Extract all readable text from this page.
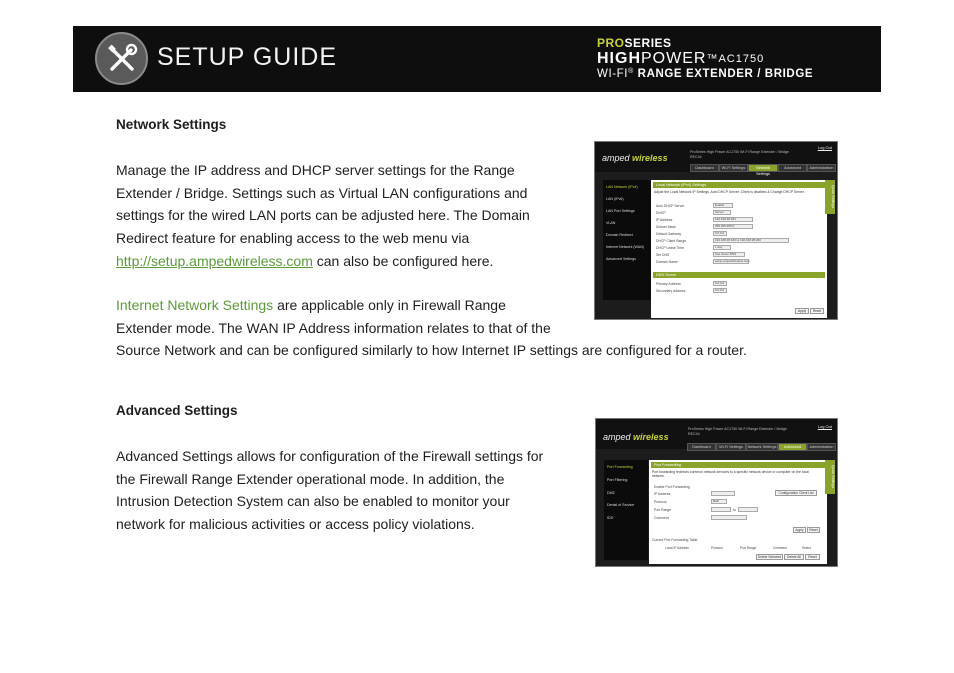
SETUP GUIDE	PROSERIES
$HIGHPOWER^{™AC1750}$
WI-FI® RANGE EXTENDER / BRIDGE
Network Settings
Manage the IP address and DHCP server settings for the Range
Extender / Bridge. Settings such as Virtual LAN configurations and
settings for the wired LAN ports can be adjusted here. The Domain
Redirect feature for enabling access to the web menu via
http://setup.ampedwireless.com can also be configured here.
Internet Network Settings are applicable only in Firewall Range
Extender mode. The WAN IP Address information relates to that of the
Source Network and can be configured similarly to how Internet IP settings are configured for a router.
Advanced Settings
Advanced Settings allows for configuration of the Firewall settings for
the Firewall Range Extender operational mode. In addition, the
Intrusion Detection System can also be enabled to monitor your
network for malicious activities or access policy violations.
amped wireless
ProSeries High Power AC1750 Wi-Fi Range Extender / Bridge
REC44
Log Out
Dashboard	Wi-Fi Settings	Network Settings
Advanced	Administration
LAN Network (IPv4)
LAN (IPv6)
LAN Port Settings
VLAN
Domain Redirect
Internet Network (WAN)
Advanced Settings
Local Network (IPv4) Settings
Adjust the Local Network IP Settings. Auto DHCP Server: Client is disabled & Change DHCP Server.
Auto DHCP Server	Enable
DHCP	Server
IP Address	192.168.38.254
Subnet Mask	255.255.255.0
Default Gateway	0.0.0.0
DHCP Client Range	192.168.38.100 to 192.168.38.200
DHCP Lease Time	1 day
Set DNS	Use Given DNS
Domain Name	setup.ampedwireless.com
DNS Server
Primary Address	0.0.0.0
Secondary Address	0.0.0.0
Apply	Reset
Quick Settings
amped wireless
ProSeries High Power AC1750 Wi-Fi Range Extender / Bridge
REC44
Log Out
Dashboard	Wi-Fi Settings	Network Settings	Advanced	Administration
Port Forwarding
Port Filtering
DMZ
Denial of Service
IDS
Port Forwarding
Port forwarding redirects common network services to a specific network device or computer on the local network.
Enable Port Forwarding
IP Address	Configuration Client List
Protocol	Both
Port Range	to
Comment
Apply	Reset
Current Port Forwarding Table
Local IP Address	Protocol	Port Range	Comment	Select
Delete Selected	Delete All	Reset
Quick Settings
